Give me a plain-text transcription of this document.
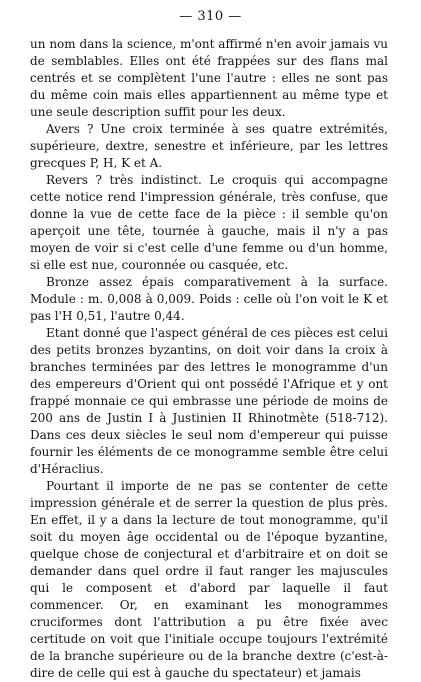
— 310 —

un nom dans la science, m'ont affirmé n'en avoir jamais vu de semblables. Elles ont été frappées sur des flans mal centrés et se complètent l'une l'autre : elles ne sont pas du même coin mais elles appartiennent au même type et une seule description suffit pour les deux.

Avers ? Une croix terminée à ses quatre extrémités, supérieure, dextre, senestre et inférieure, par les lettres grecques P, H, K et A.

Revers ? très indistinct. Le croquis qui accompagne cette notice rend l'impression générale, très confuse, que donne la vue de cette face de la pièce : il semble qu'on aperçoit une tête, tournée à gauche, mais il n'y a pas moyen de voir si c'est celle d'une femme ou d'un homme, si elle est nue, couronnée ou casquée, etc.

Bronze assez épais comparativement à la surface. Module : m. 0,008 à 0,009. Poids : celle où l'on voit le K et pas l'H 0,51, l'autre 0,44.

Etant donné que l'aspect général de ces pièces est celui des petits bronzes byzantins, on doit voir dans la croix à branches terminées par des lettres le monogramme d'un des empereurs d'Orient qui ont possédé l'Afrique et y ont frappé monnaie ce qui embrasse une période de moins de 200 ans de Justin I à Justinien II Rhinotmète (518-712). Dans ces deux siècles le seul nom d'empereur qui puisse fournir les éléments de ce monogramme semble être celui d'Héraclius.

Pourtant il importe de ne pas se contenter de cette impression générale et de serrer la question de plus près. En effet, il y a dans la lecture de tout monogramme, qu'il soit du moyen âge occidental ou de l'époque byzantine, quelque chose de conjectural et d'arbitraire et on doit se demander dans quel ordre il faut ranger les majuscules qui le composent et d'abord par laquelle il faut commencer. Or, en examinant les monogrammes cruciformes dont l'attribution a pu être fixée avec certitude on voit que l'initiale occupe toujours l'extrémité de la branche supérieure ou de la branche dextre (c'est-à-dire de celle qui est à gauche du spectateur) et jamais
